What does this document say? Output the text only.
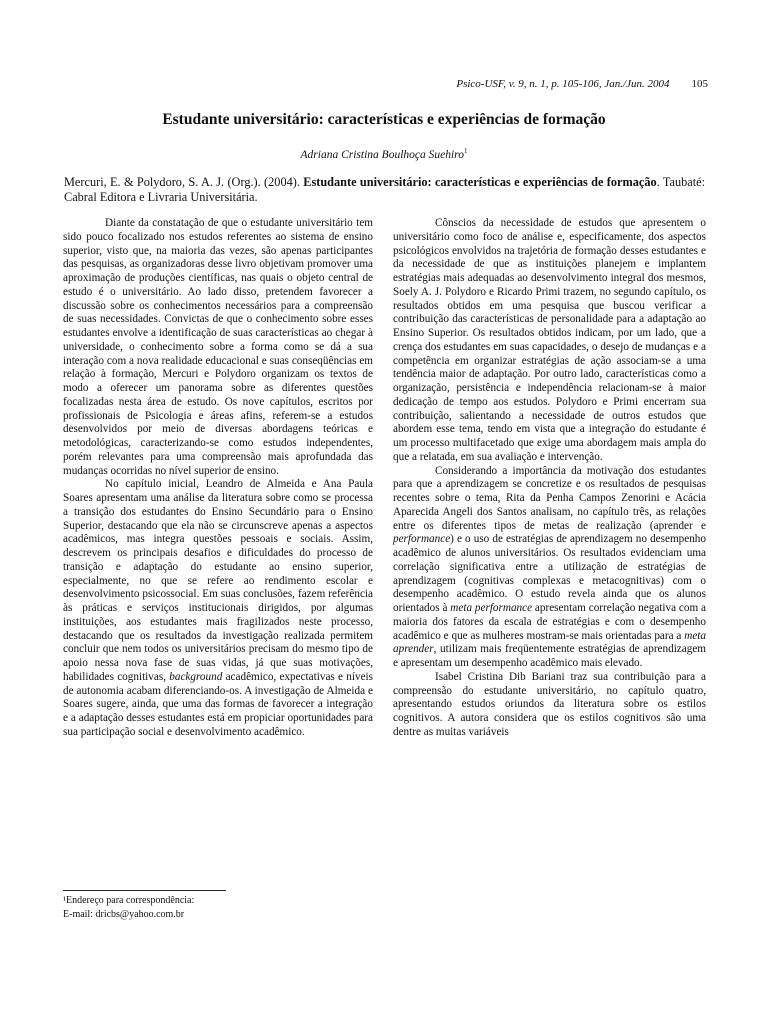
Psico-USF, v. 9, n. 1, p. 105-106, Jan./Jun. 2004 105
Estudante universitário: características e experiências de formação
Adriana Cristina Boulhoça Suehiro$^1$
Mercuri, E. & Polydoro, S. A. J. (Org.). (2004). Estudante universitário: características e experiências de formação. Taubaté: Cabral Editora e Livraria Universitária.

Diante da constatação de que o estudante universitário tem sido pouco focalizado nos estudos referentes ao sistema de ensino superior, visto que, na maioria das vezes, são apenas participantes das pesquisas, as organizadoras desse livro objetivam promover uma aproximação de produções científicas, nas quais o objeto central de estudo é o universitário. Ao lado disso, pretendem favorecer a discussão sobre os conhecimentos necessários para a compreensão de suas necessidades. Convictas de que o conhecimento sobre esses estudantes envolve a identificação de suas características ao chegar à universidade, o conhecimento sobre a forma como se dá a sua interação com a nova realidade educacional e suas conseqüências em relação à formação, Mercuri e Polydoro organizam os textos de modo a oferecer um panorama sobre as diferentes questões focalizadas nesta área de estudo. Os nove capítulos, escritos por profissionais de Psicologia e áreas afins, referem-se a estudos desenvolvidos por meio de diversas abordagens teóricas e metodológicas, caracterizando-se como estudos independentes, porém relevantes para uma compreensão mais aprofundada das mudanças ocorridas no nível superior de ensino.

No capítulo inicial, Leandro de Almeida e Ana Paula Soares apresentam uma análise da literatura sobre como se processa a transição dos estudantes do Ensino Secundário para o Ensino Superior, destacando que ela não se circunscreve apenas a aspectos acadêmicos, mas integra questões pessoais e sociais. Assim, descrevem os principais desafios e dificuldades do processo de transição e adaptação do estudante ao ensino superior, especialmente, no que se refere ao rendimento escolar e desenvolvimento psicossocial. Em suas conclusões, fazem referência às práticas e serviços institucionais dirigidos, por algumas instituições, aos estudantes mais fragilizados neste processo, destacando que os resultados da investigação realizada permitem concluir que nem todos os universitários precisam do mesmo tipo de apoio nessa nova fase de suas vidas, já que suas motivações, habilidades cognitivas, background acadêmico, expectativas e níveis de autonomia acabam diferenciando-os. A investigação de Almeida e Soares sugere, ainda, que uma das formas de favorecer a integração e a adaptação desses estudantes está em propiciar oportunidades para sua participação social e desenvolvimento acadêmico.

Cônscios da necessidade de estudos que apresentem o universitário como foco de análise e, especificamente, dos aspectos psicológicos envolvidos na trajetória de formação desses estudantes e da necessidade de que as instituições planejem e implantem estratégias mais adequadas ao desenvolvimento integral dos mesmos, Soely A. J. Polydoro e Ricardo Primi trazem, no segundo capítulo, os resultados obtidos em uma pesquisa que buscou verificar a contribuição das características de personalidade para a adaptação ao Ensino Superior. Os resultados obtidos indicam, por um lado, que a crença dos estudantes em suas capacidades, o desejo de mudanças e a competência em organizar estratégias de ação associam-se a uma tendência maior de adaptação. Por outro lado, características como a organização, persistência e independência relacionam-se à maior dedicação de tempo aos estudos. Polydoro e Primi encerram sua contribuição, salientando a necessidade de outros estudos que abordem esse tema, tendo em vista que a integração do estudante é um processo multifacetado que exige uma abordagem mais ampla do que a relatada, em sua avaliação e intervenção.

Considerando a importância da motivação dos estudantes para que a aprendizagem se concretize e os resultados de pesquisas recentes sobre o tema, Rita da Penha Campos Zenorini e Acácia Aparecida Angeli dos Santos analisam, no capítulo três, as relações entre os diferentes tipos de metas de realização (aprender e performance) e o uso de estratégias de aprendizagem no desempenho acadêmico de alunos universitários. Os resultados evidenciam uma correlação significativa entre a utilização de estratégias de aprendizagem (cognitivas complexas e metacognitivas) com o desempenho acadêmico. O estudo revela ainda que os alunos orientados à meta performance apresentam correlação negativa com a maioria dos fatores da escala de estratégias e com o desempenho acadêmico e que as mulheres mostram-se mais orientadas para a meta aprender, utilizam mais freqüentemente estratégias de aprendizagem e apresentam um desempenho acadêmico mais elevado.

Isabel Cristina Dib Bariani traz sua contribuição para a compreensão do estudante universitário, no capítulo quatro, apresentando estudos oriundos da literatura sobre os estilos cognitivos. A autora considera que os estilos cognitivos são uma dentre as muitas variáveis

¹Endereço para correspondência:
E-mail: dricbs@yahoo.com.br
